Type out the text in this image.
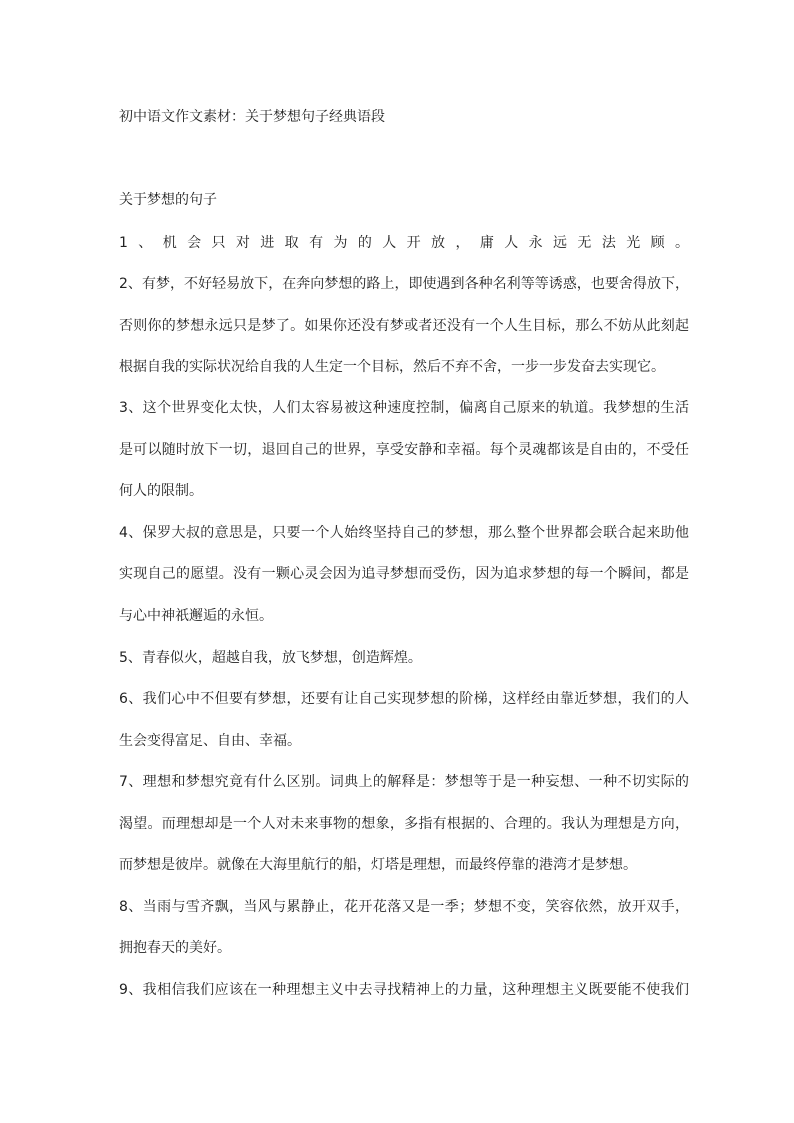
初中语文作文素材：关于梦想句子经典语段
关于梦想的句子

1、机会只对进取有为的人开放，庸人永远无法光顾。

2、有梦，不好轻易放下，在奔向梦想的路上，即使遇到各种名利等等诱惑，也要舍得放下，

否则你的梦想永远只是梦了。如果你还没有梦或者还没有一个人生目标，那么不妨从此刻起

根据自我的实际状况给自我的人生定一个目标，然后不弃不舍，一步一步发奋去实现它。

3、这个世界变化太快，人们太容易被这种速度控制，偏离自己原来的轨道。我梦想的生活

是可以随时放下一切，退回自己的世界，享受安静和幸福。每个灵魂都该是自由的，不受任

何人的限制。

4、保罗大叔的意思是，只要一个人始终坚持自己的梦想，那么整个世界都会联合起来助他

实现自己的愿望。没有一颗心灵会因为追寻梦想而受伤，因为追求梦想的每一个瞬间，都是

与心中神祇邂逅的永恒。

5、青春似火，超越自我，放飞梦想，创造辉煌。

6、我们心中不但要有梦想，还要有让自己实现梦想的阶梯，这样经由靠近梦想，我们的人

生会变得富足、自由、幸福。

7、理想和梦想究竟有什么区别。词典上的解释是：梦想等于是一种妄想、一种不切实际的

渴望。而理想却是一个人对未来事物的想象，多指有根据的、合理的。我认为理想是方向，

而梦想是彼岸。就像在大海里航行的船，灯塔是理想，而最终停靠的港湾才是梦想。

8、当雨与雪齐飘，当风与累静止，花开花落又是一季；梦想不变，笑容依然，放开双手，

拥抱春天的美好。

9、我相信我们应该在一种理想主义中去寻找精神上的力量，这种理想主义既要能不使我们
